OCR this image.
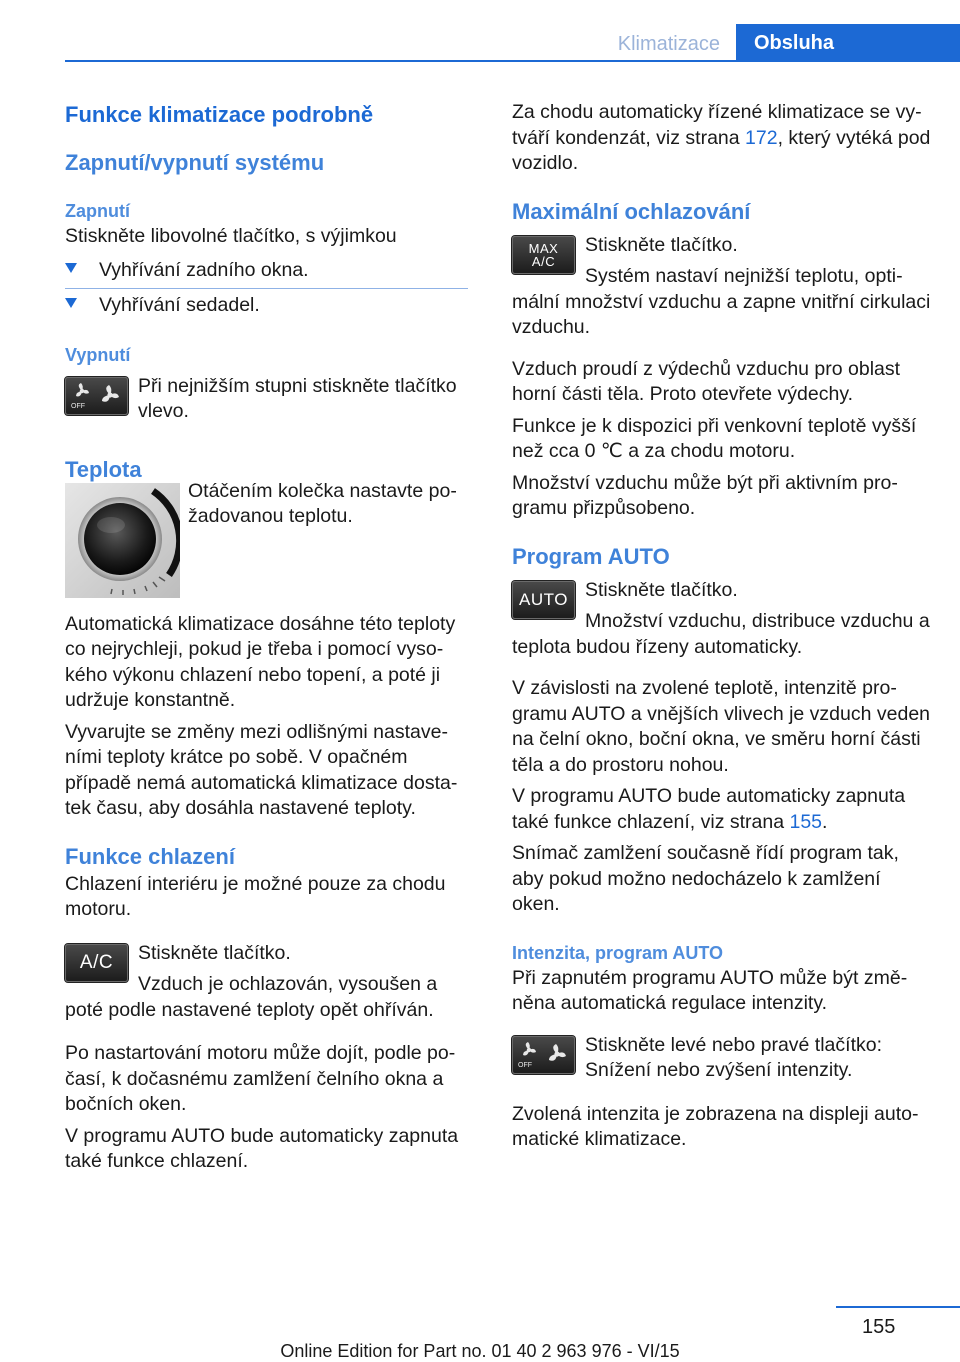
Klimatizace	Obsluha
Funkce klimatizace podrobně
Zapnutí/vypnutí systému
Zapnutí

Stiskněte libovolné tlačítko, s výjimkou

Vyhřívání zadního okna.
Vyhřívání sedadel.
Vypnutí
OFF

Při nejnižším stupni stiskněte tlačítko vlevo.

Teplota

Otáčením kolečka nastavte požadovanou teplotu.

Automatická klimatizace dosáhne této teploty co nejrychleji, pokud je třeba i pomocí vysokého výkonu chlazení nebo topení, a poté ji udržuje konstantně.

Vyvarujte se změny mezi odlišnými nastaveními teploty krátce po sobě. V opačném případě nemá automatická klimatizace dostatek času, aby dosáhla nastavené teploty.

Funkce chlazení

Chlazení interiéru je možné pouze za chodu motoru.

A/C	Stiskněte tlačítko.

Vzduch je ochlazován, vysoušen a poté podle nastavené teploty opět ohříván.

Po nastartování motoru může dojít, podle počasí, k dočasnému zamlžení čelního okna a bočních oken.

V programu AUTO bude automaticky zapnuta také funkce chlazení.

Za chodu automaticky řízené klimatizace se vytváří kondenzát, viz strana 172, který vytéká pod vozidlo.

Maximální ochlazování
MAX
A/C

Stiskněte tlačítko.

Systém nastaví nejnižší teplotu, optimální množství vzduchu a zapne vnitřní cirkulaci vzduchu.

Vzduch proudí z výdechů vzduchu pro oblast horní části těla. Proto otevřete výdechy.

Funkce je k dispozici při venkovní teplotě vyšší než cca 0 ℃ a za chodu motoru.

Množství vzduchu může být při aktivním programu přizpůsobeno.

Program AUTO
AUTO Stiskněte tlačítko.

Množství vzduchu, distribuce vzduchu a teplota budou řízeny automaticky.

V závislosti na zvolené teplotě, intenzitě programu AUTO a vnějších vlivech je vzduch veden na čelní okno, boční okna, ve směru horní části těla a do prostoru nohou.

V programu AUTO bude automaticky zapnuta také funkce chlazení, viz strana 155.

Snímač zamlžení současně řídí program tak, aby pokud možno nedocházelo k zamlžení oken.

Intenzita, program AUTO

Při zapnutém programu AUTO může být změněna automatická regulace intenzity.

OFF

Stiskněte levé nebo pravé tlačítko:

Snížení nebo zvýšení intenzity.

Zvolená intenzita je zobrazena na displeji automatické klimatizace.

155
Online Edition for Part no. 01 40 2 963 976 - VI/15
